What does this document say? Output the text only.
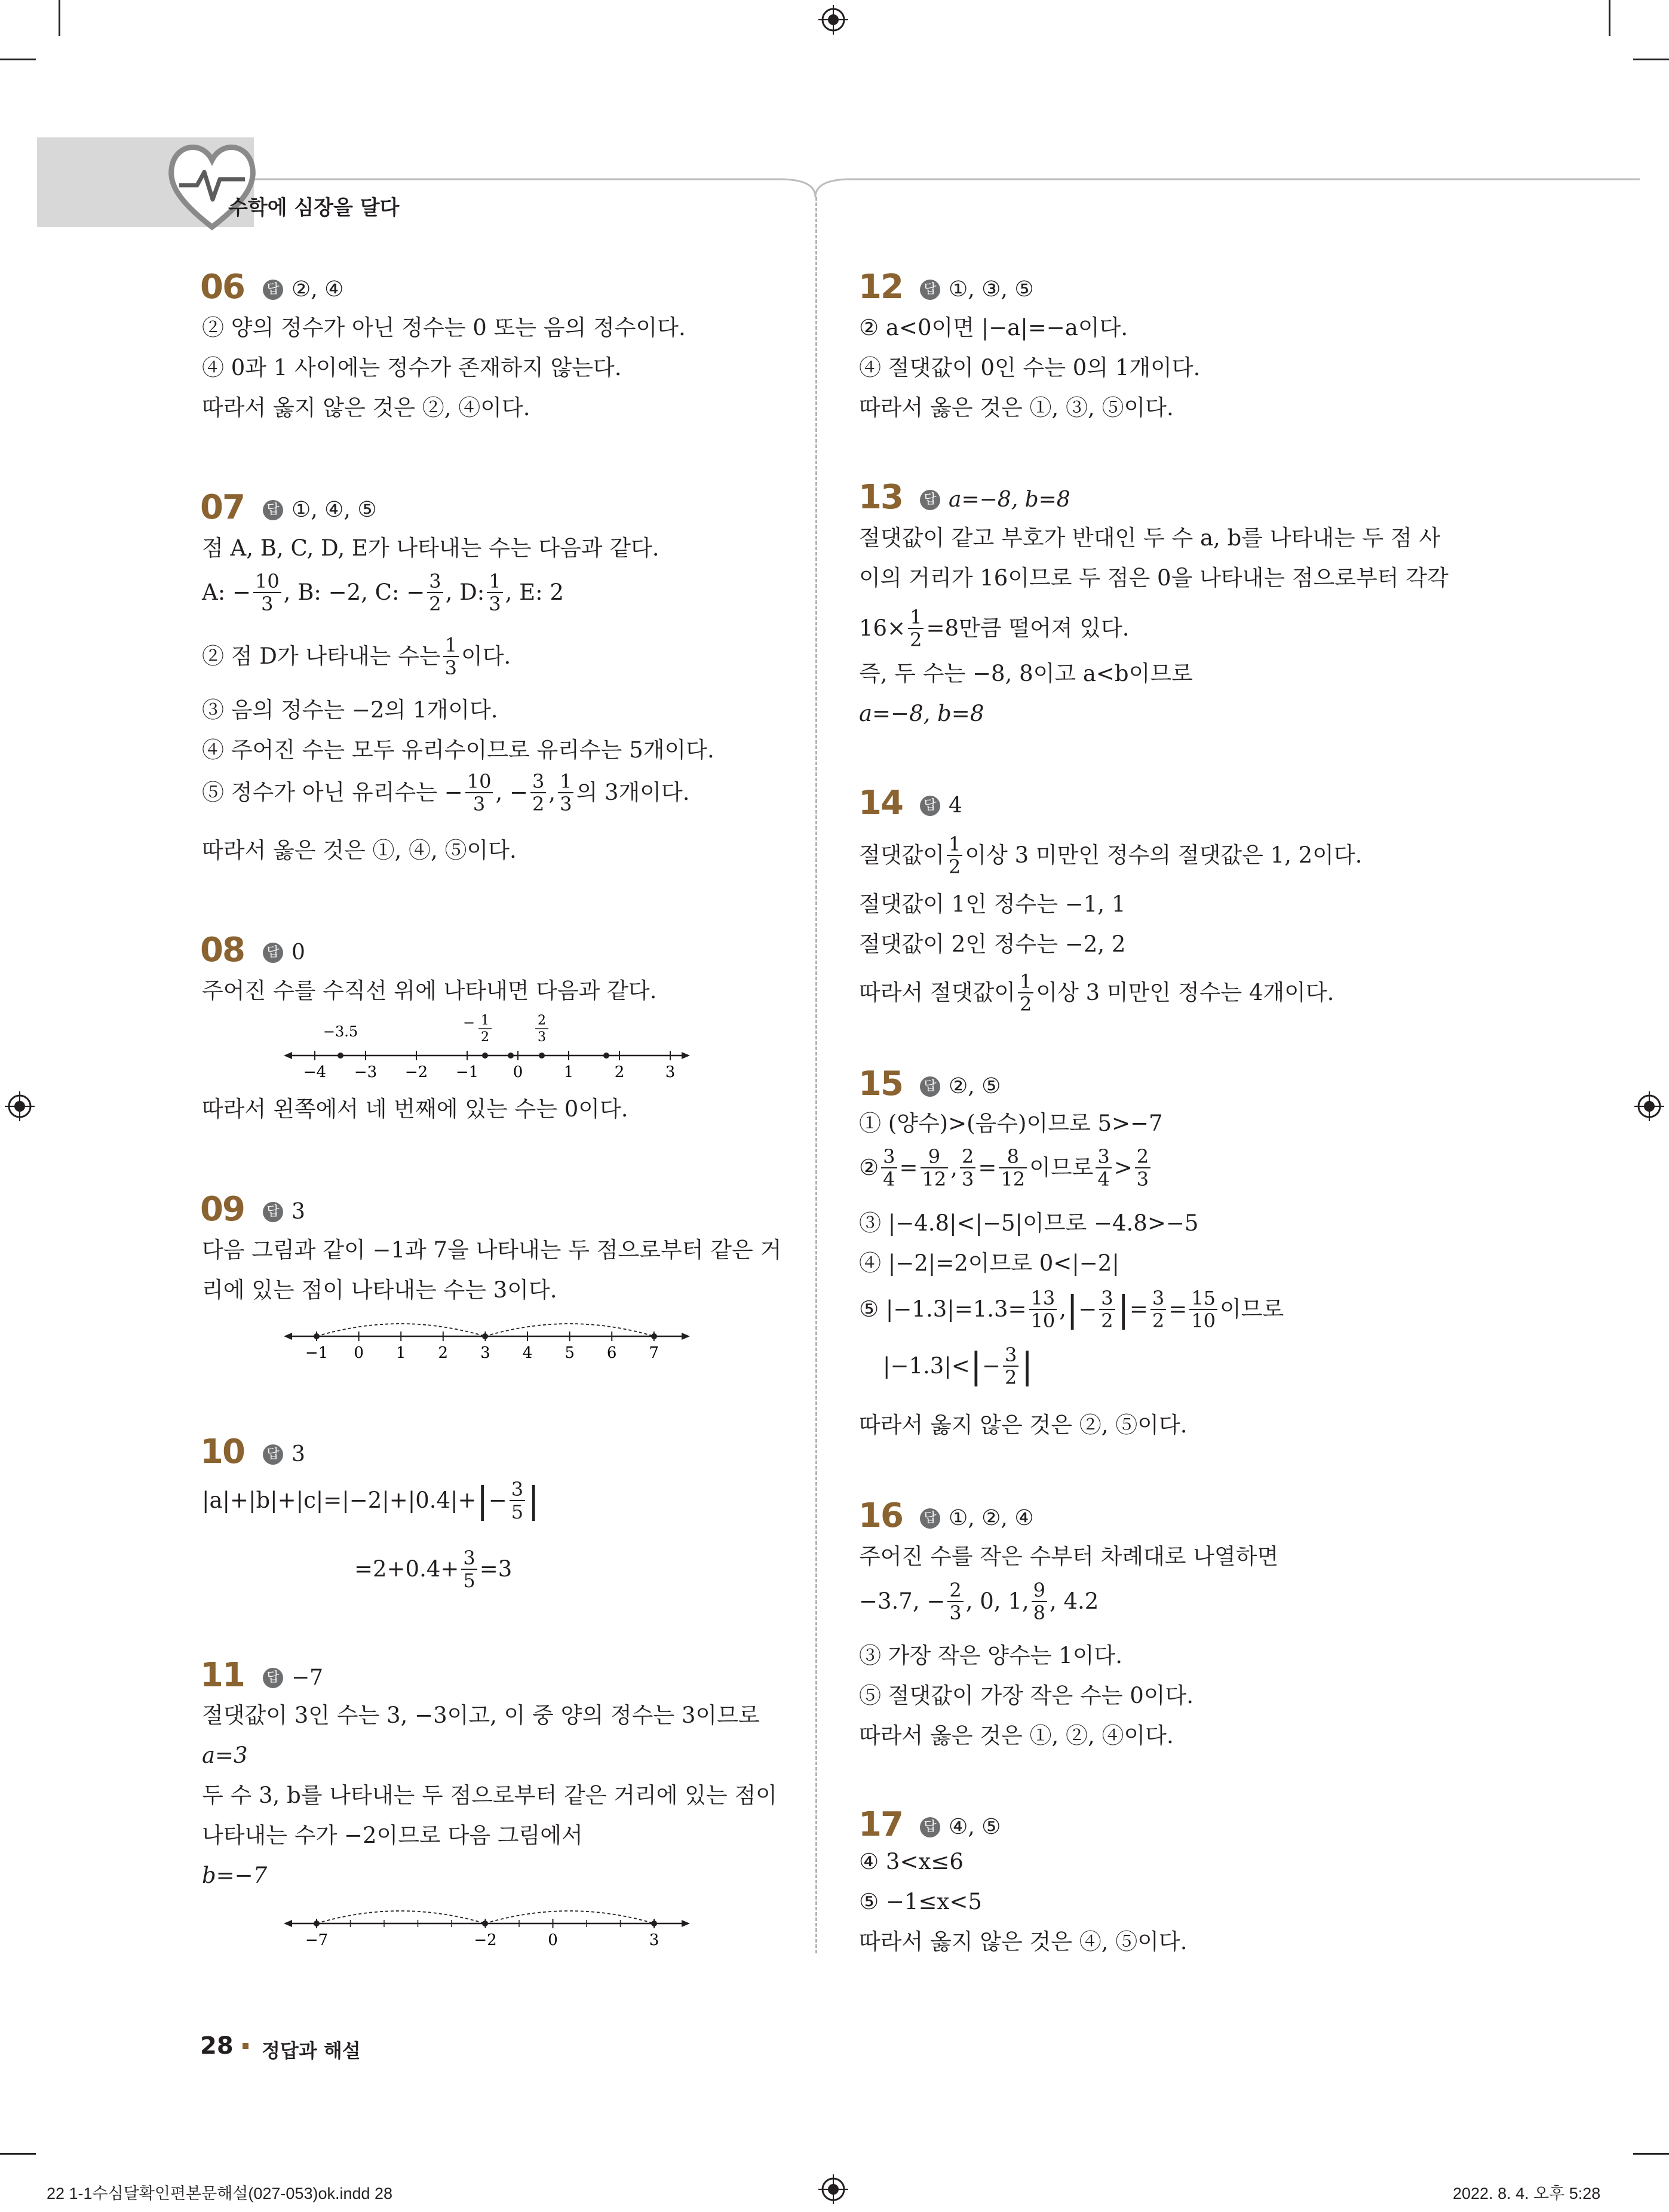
수학에 심장을 달다
06 답 ②, ④
② 양의 정수가 아닌 정수는 0 또는 음의 정수이다.
④ 0과 1 사이에는 정수가 존재하지 않는다.
따라서 옳지 않은 것은 ②, ④이다.
07 답 ①, ④, ⑤
점 A, B, C, D, E가 나타내는 수는 다음과 같다.
A: − $\frac{10}{3}$ , B: −2, C: − $\frac{3}{2}$ , D: $\frac{1}{3}$ , E: 2
② 점 D가 나타내는 수는 $\frac{1}{3}$ 이다.
③ 음의 정수는 −2의 1개이다.
④ 주어진 수는 모두 유리수이므로 유리수는 5개이다.
⑤ 정수가 아닌 유리수는 − $\frac{10}{3}$ , − $\frac{3}{2}$ , $\frac{1}{3}$ 의 3개이다.
따라서 옳은 것은 ①, ④, ⑤이다.
08 답 0
주어진 수를 수직선 위에 나타내면 다음과 같다.
−4 −3 −2 −1 0	1	2	3
−3.5
− 1
2
2
3
따라서 왼쪽에서 네 번째에 있는 수는 0이다.
09 답 3
다음 그림과 같이 −1과 7을 나타내는 두 점으로부터 같은 거
리에 있는 점이 나타내는 수는 3이다.
−1 0 1 2 3 4 5 6 7
10 답 3
|a|+|b|+|c|=|−2|+|0.4|+ | − $\frac{3}{5}$ |
$=2+0.4+ \frac{3}{5} =3$
11 답 −7
절댓값이 3인 수는 3, −3이고, 이 중 양의 정수는 3이므로
a=3
두 수 3, b를 나타내는 두 점으로부터 같은 거리에 있는 점이
나타내는 수가 −2이므로 다음 그림에서
b=−7
−7	−2	0	3
12 답 ①, ③, ⑤
② a<0이면 |−a|=−a이다.
④ 절댓값이 0인 수는 0의 1개이다.
따라서 옳은 것은 ①, ③, ⑤이다.
13 답 a=−8, b=8
절댓값이 같고 부호가 반대인 두 수 a, b를 나타내는 두 점 사
이의 거리가 16이므로 두 점은 0을 나타내는 점으로부터 각각
$16\times \frac{1}{2} =8$만큼 떨어져 있다.
즉, 두 수는 −8, 8이고 a<b이므로
a=−8, b=8
14 답 4
절댓값이 $\frac{1}{2}$ 이상 3 미만인 정수의 절댓값은 1, 2이다.
절댓값이 1인 정수는 −1, 1
절댓값이 2인 정수는 −2, 2
따라서 절댓값이 $\frac{1}{2}$ 이상 3 미만인 정수는 4개이다.
15 답 ②, ⑤
① (양수)>(음수)이므로 5>−7
② $\frac{3}{4} = \frac{9}{12}$ , $\frac{2}{3} = \frac{8}{12}$ 이므로 $\frac{3}{4} > \frac{2}{3}$
③ |−4.8|<|−5|이므로 −4.8>−5
④ |−2|=2이므로 0<|−2|
⑤ $|-1.3|=1.3= \frac{13}{10}$ , | − $\frac{3}{2}$ | = $\frac{3}{2} = \frac{15}{10}$ 이므로
|−1.3|< | − $\frac{3}{2}$ |
따라서 옳지 않은 것은 ②, ⑤이다.
16 답 ①, ②, ④
주어진 수를 작은 수부터 차례대로 나열하면
−3.7, − $\frac{2}{3}$ , 0, 1, $\frac{9}{8}$ , 4.2
③ 가장 작은 양수는 1이다.
⑤ 절댓값이 가장 작은 수는 0이다.
따라서 옳은 것은 ①, ②, ④이다.
17 답 ④, ⑤
④ 3<x≤6
⑤ −1≤x<5
따라서 옳지 않은 것은 ④, ⑤이다.
28 정답과 해설
22 1-1수심달확인편본문해설(027-053)ok.indd 28	2022. 8. 4. 오후 5:28
